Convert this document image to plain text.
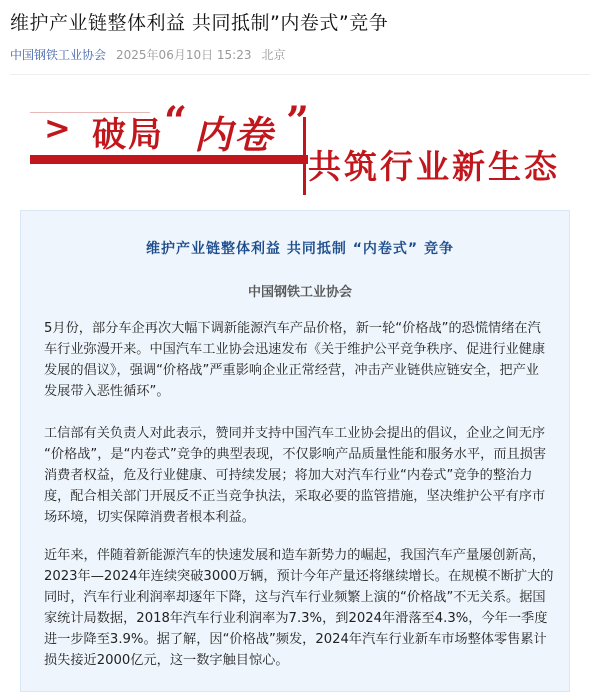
维护产业链整体利益 共同抵制”内卷式”竞争
中国钢铁工业协会 2025年06月10日 15:23 北京
> 破局 “ 内卷 ”
共筑行业新生态
维护产业链整体利益 共同抵制 “内卷式” 竞争
中国钢铁工业协会
5月份，部分车企再次大幅下调新能源汽车产品价格，新一轮“价格战”的恐慌情绪在汽
车行业弥漫开来。中国汽车工业协会迅速发布《关于维护公平竞争秩序、促进行业健康
发展的倡议》，强调“价格战”严重影响企业正常经营，冲击产业链供应链安全，把产业
发展带入恶性循环”。
工信部有关负责人对此表示，赞同并支持中国汽车工业协会提出的倡议，企业之间无序
“价格战”，是“内卷式”竞争的典型表现，不仅影响产品质量性能和服务水平，而且损害
消费者权益，危及行业健康、可持续发展；将加大对汽车行业“内卷式”竞争的整治力
度，配合相关部门开展反不正当竞争执法，采取必要的监管措施，坚决维护公平有序市
场环境，切实保障消费者根本利益。
近年来，伴随着新能源汽车的快速发展和造车新势力的崛起，我国汽车产量屡创新高，
2023年—2024年连续突破3000万辆，预计今年产量还将继续增长。在规模不断扩大的
同时，汽车行业利润率却逐年下降，这与汽车行业频繁上演的“价格战”不无关系。据国
家统计局数据，2018年汽车行业利润率为7.3%，到2024年滑落至4.3%，今年一季度
进一步降至3.9%。据了解，因“价格战”频发，2024年汽车行业新车市场整体零售累计
损失接近2000亿元，这一数字触目惊心。
